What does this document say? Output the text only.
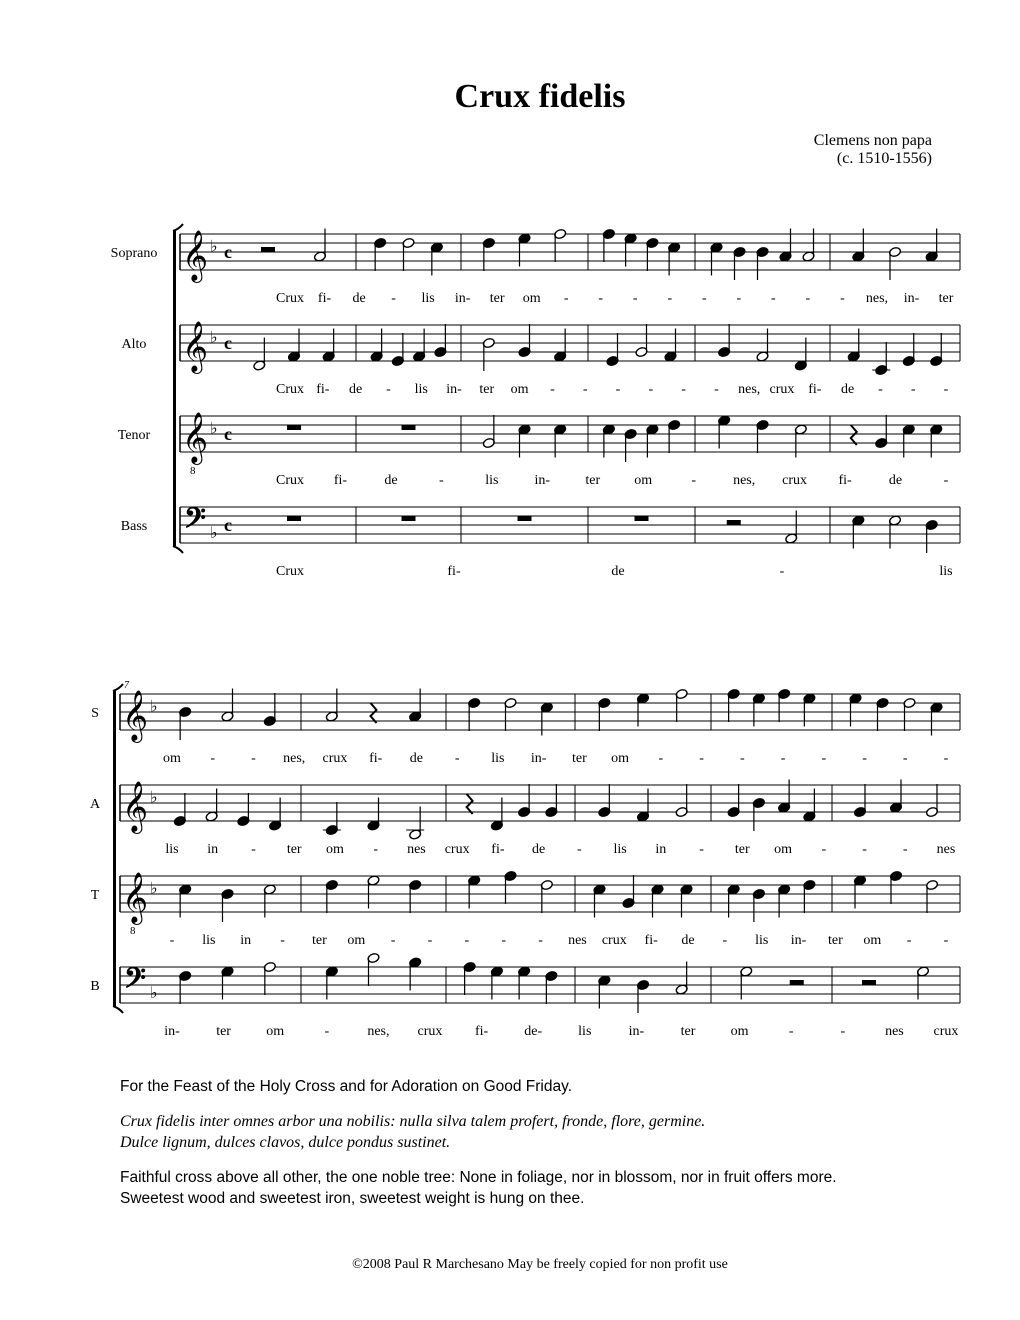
Crux fidelis
Clemens non papa
(c. 1510-1556)
Soprano 𝄞 ♭ c
Crux fi- de - lis in- ter om - - - - - - - - - nes, in- ter
Alto 𝄞 ♭ c
Crux fi- de - lis in- ter om - - - - - - nes, crux fi- de - - -
Tenor 𝄞
8
♭ c
Crux fi-	de	-	lis	in-	ter om	-	nes, crux fi-	de	-
Bass 𝄢 ♭ c
Crux	fi-	de	-	lis
7
S 𝄞 ♭
om -	- nes, crux fi- de - lis in- ter om -	-	-	-	-	-	-	-
A 𝄞 ♭
lis in - ter om - nes crux fi- de - lis in - ter om -	-	- nes
T 𝄞
8
♭
- lis in - ter om - - - - - nes crux fi- de - lis in- ter om - -
B 𝄢 ♭
in-	ter	om	-	nes, crux fi-	de-	lis	in-	ter	om	-	-	nes crux
For the Feast of the Holy Cross and for Adoration on Good Friday.
Crux fidelis inter omnes arbor una nobilis: nulla silva talem profert, fronde, flore, germine.
Dulce lignum, dulces clavos, dulce pondus sustinet.
Faithful cross above all other, the one noble tree: None in foliage, nor in blossom, nor in fruit offers more.
Sweetest wood and sweetest iron, sweetest weight is hung on thee.
©2008 Paul R Marchesano May be freely copied for non profit use
